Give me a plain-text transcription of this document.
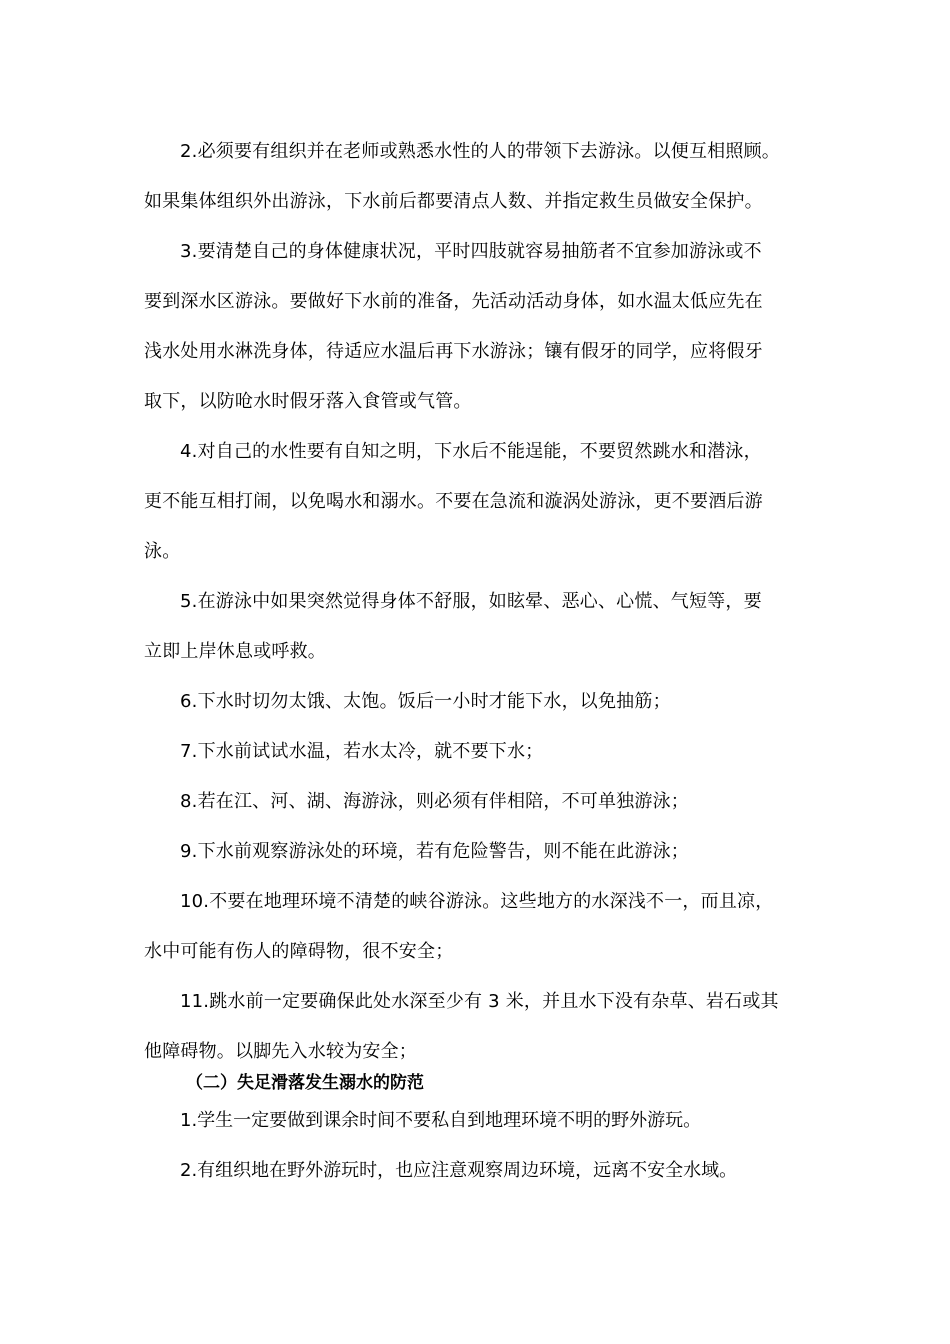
2.必须要有组织并在老师或熟悉水性的人的带领下去游泳。以便互相照顾。
如果集体组织外出游泳，下水前后都要清点人数、并指定救生员做安全保护。
3.要清楚自己的身体健康状况，平时四肢就容易抽筋者不宜参加游泳或不
要到深水区游泳。要做好下水前的准备，先活动活动身体，如水温太低应先在
浅水处用水淋洗身体，待适应水温后再下水游泳；镶有假牙的同学，应将假牙
取下，以防呛水时假牙落入食管或气管。
4.对自己的水性要有自知之明，下水后不能逞能，不要贸然跳水和潜泳，
更不能互相打闹，以免喝水和溺水。不要在急流和漩涡处游泳，更不要酒后游
泳。
5.在游泳中如果突然觉得身体不舒服，如眩晕、恶心、心慌、气短等，要
立即上岸休息或呼救。
6.下水时切勿太饿、太饱。饭后一小时才能下水，以免抽筋；
7.下水前试试水温，若水太冷，就不要下水；
8.若在江、河、湖、海游泳，则必须有伴相陪，不可单独游泳；
9.下水前观察游泳处的环境，若有危险警告，则不能在此游泳；
10.不要在地理环境不清楚的峡谷游泳。这些地方的水深浅不一，而且凉，
水中可能有伤人的障碍物，很不安全；
11.跳水前一定要确保此处水深至少有 3 米，并且水下没有杂草、岩石或其
他障碍物。以脚先入水较为安全；
（二）失足滑落发生溺水的防范
1.学生一定要做到课余时间不要私自到地理环境不明的野外游玩。
2.有组织地在野外游玩时，也应注意观察周边环境，远离不安全水域。
